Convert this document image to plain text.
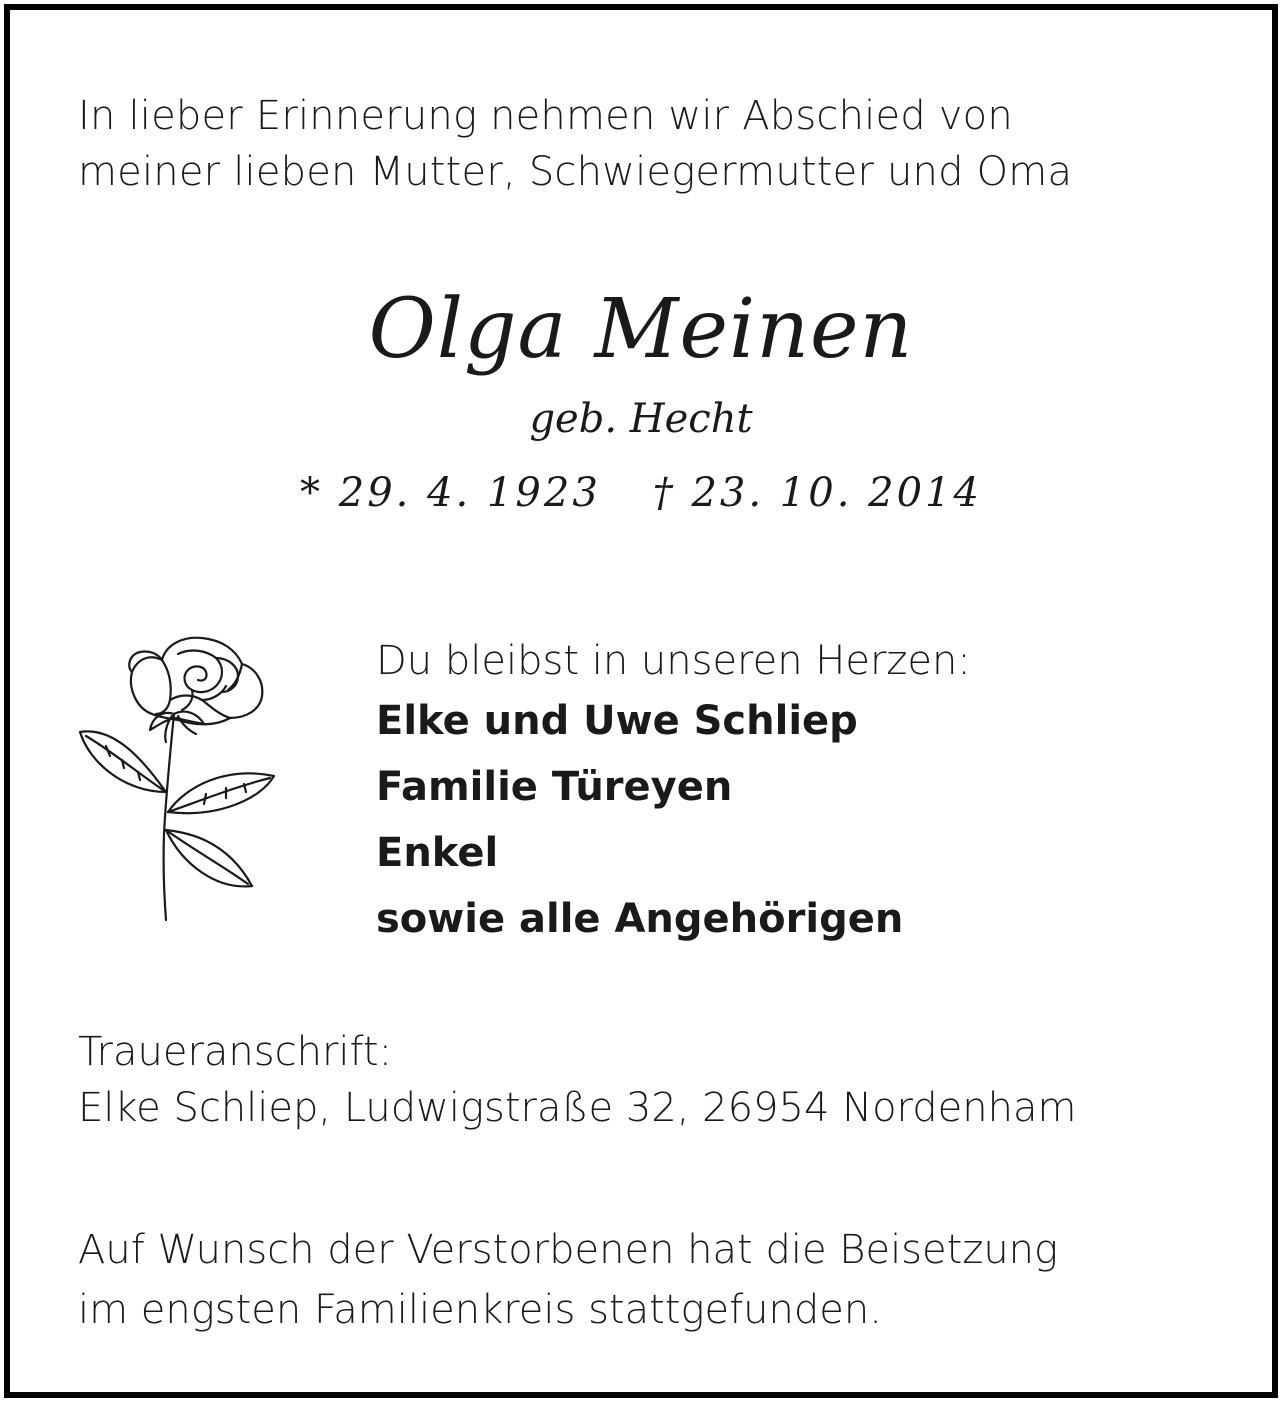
In lieber Erinnerung nehmen wir Abschied von
meiner lieben Mutter, Schwiegermutter und Oma
Olga Meinen
geb. Hecht
* 29. 4. 1923 † 23. 10. 2014
Du bleibst in unseren Herzen:
Elke und Uwe Schliep
Familie Türeyen
Enkel
sowie alle Angehörigen
Traueranschrift:
Elke Schliep, Ludwigstraße 32, 26954 Nordenham
Auf Wunsch der Verstorbenen hat die Beisetzung
im engsten Familienkreis stattgefunden.
